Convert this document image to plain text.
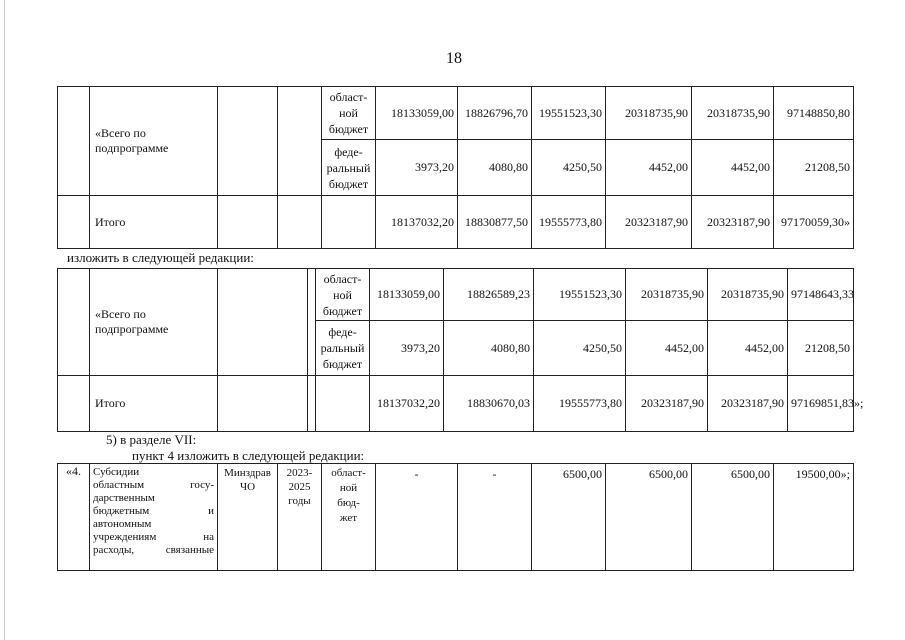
18
	«Всего по подпрограмме			област-
ной
бюджет	18133059,00	18826796,70	19551523,30	20318735,90	20318735,90	97148850,80
				феде-
ральный
бюджет	3973,20	4080,80	4250,50	4452,00	4452,00	21208,50
	Итого				18137032,20	18830877,50	19555773,80	20323187,90	20323187,90	97170059,30»
изложить в следующей редакции:
	«Всего по подпрограмме			област-
ной
бюджет	18133059,00	18826589,23	19551523,30	20318735,90	20318735,90	97148643,33
				феде-
ральный
бюджет	3973,20	4080,80	4250,50	4452,00	4452,00	21208,50
	Итого				18137032,20	18830670,03	19555773,80	20323187,90	20323187,90	97169851,83»;
5) в разделе VII:
пункт 4 изложить в следующей редакции:
«4.	Субсидии
областным госу-
дарственным
бюджетным и
автономным
учреждениям на
расходы, связанные
	Минздрав
ЧО	2023-
2025
годы	област-
ной
бюд-
жет	-	-	6500,00	6500,00	6500,00	19500,00»;
